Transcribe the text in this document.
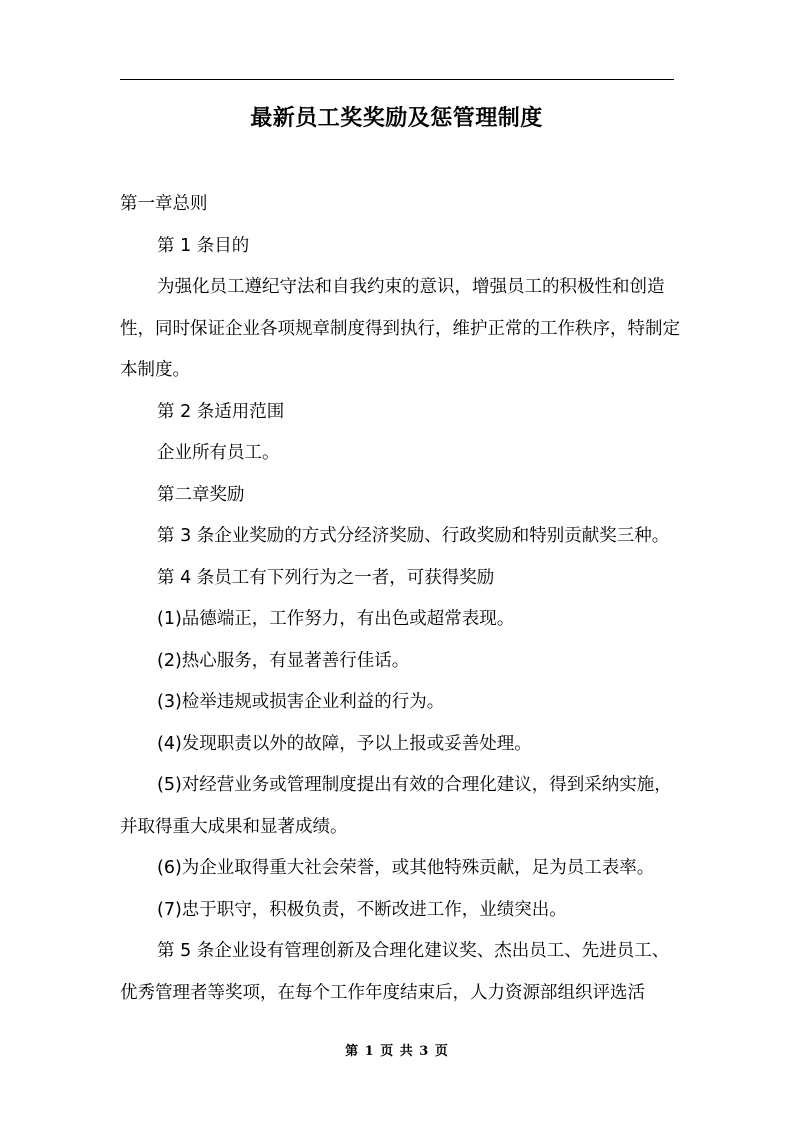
最新员工奖奖励及惩管理制度

第一章总则

第 1 条目的

为强化员工遵纪守法和自我约束的意识，增强员工的积极性和创造性，同时保证企业各项规章制度得到执行，维护正常的工作秩序，特制定本制度。

第 2 条适用范围

企业所有员工。

第二章奖励

第 3 条企业奖励的方式分经济奖励、行政奖励和特别贡献奖三种。

第 4 条员工有下列行为之一者，可获得奖励

(1)品德端正，工作努力，有出色或超常表现。

(2)热心服务，有显著善行佳话。

(3)检举违规或损害企业利益的行为。

(4)发现职责以外的故障，予以上报或妥善处理。

(5)对经营业务或管理制度提出有效的合理化建议，得到采纳实施，并取得重大成果和显著成绩。

(6)为企业取得重大社会荣誉，或其他特殊贡献，足为员工表率。

(7)忠于职守，积极负责，不断改进工作，业绩突出。

第 5 条企业设有管理创新及合理化建议奖、杰出员工、先进员工、优秀管理者等奖项，在每个工作年度结束后，人力资源部组织评选活

第 1 页 共 3 页
